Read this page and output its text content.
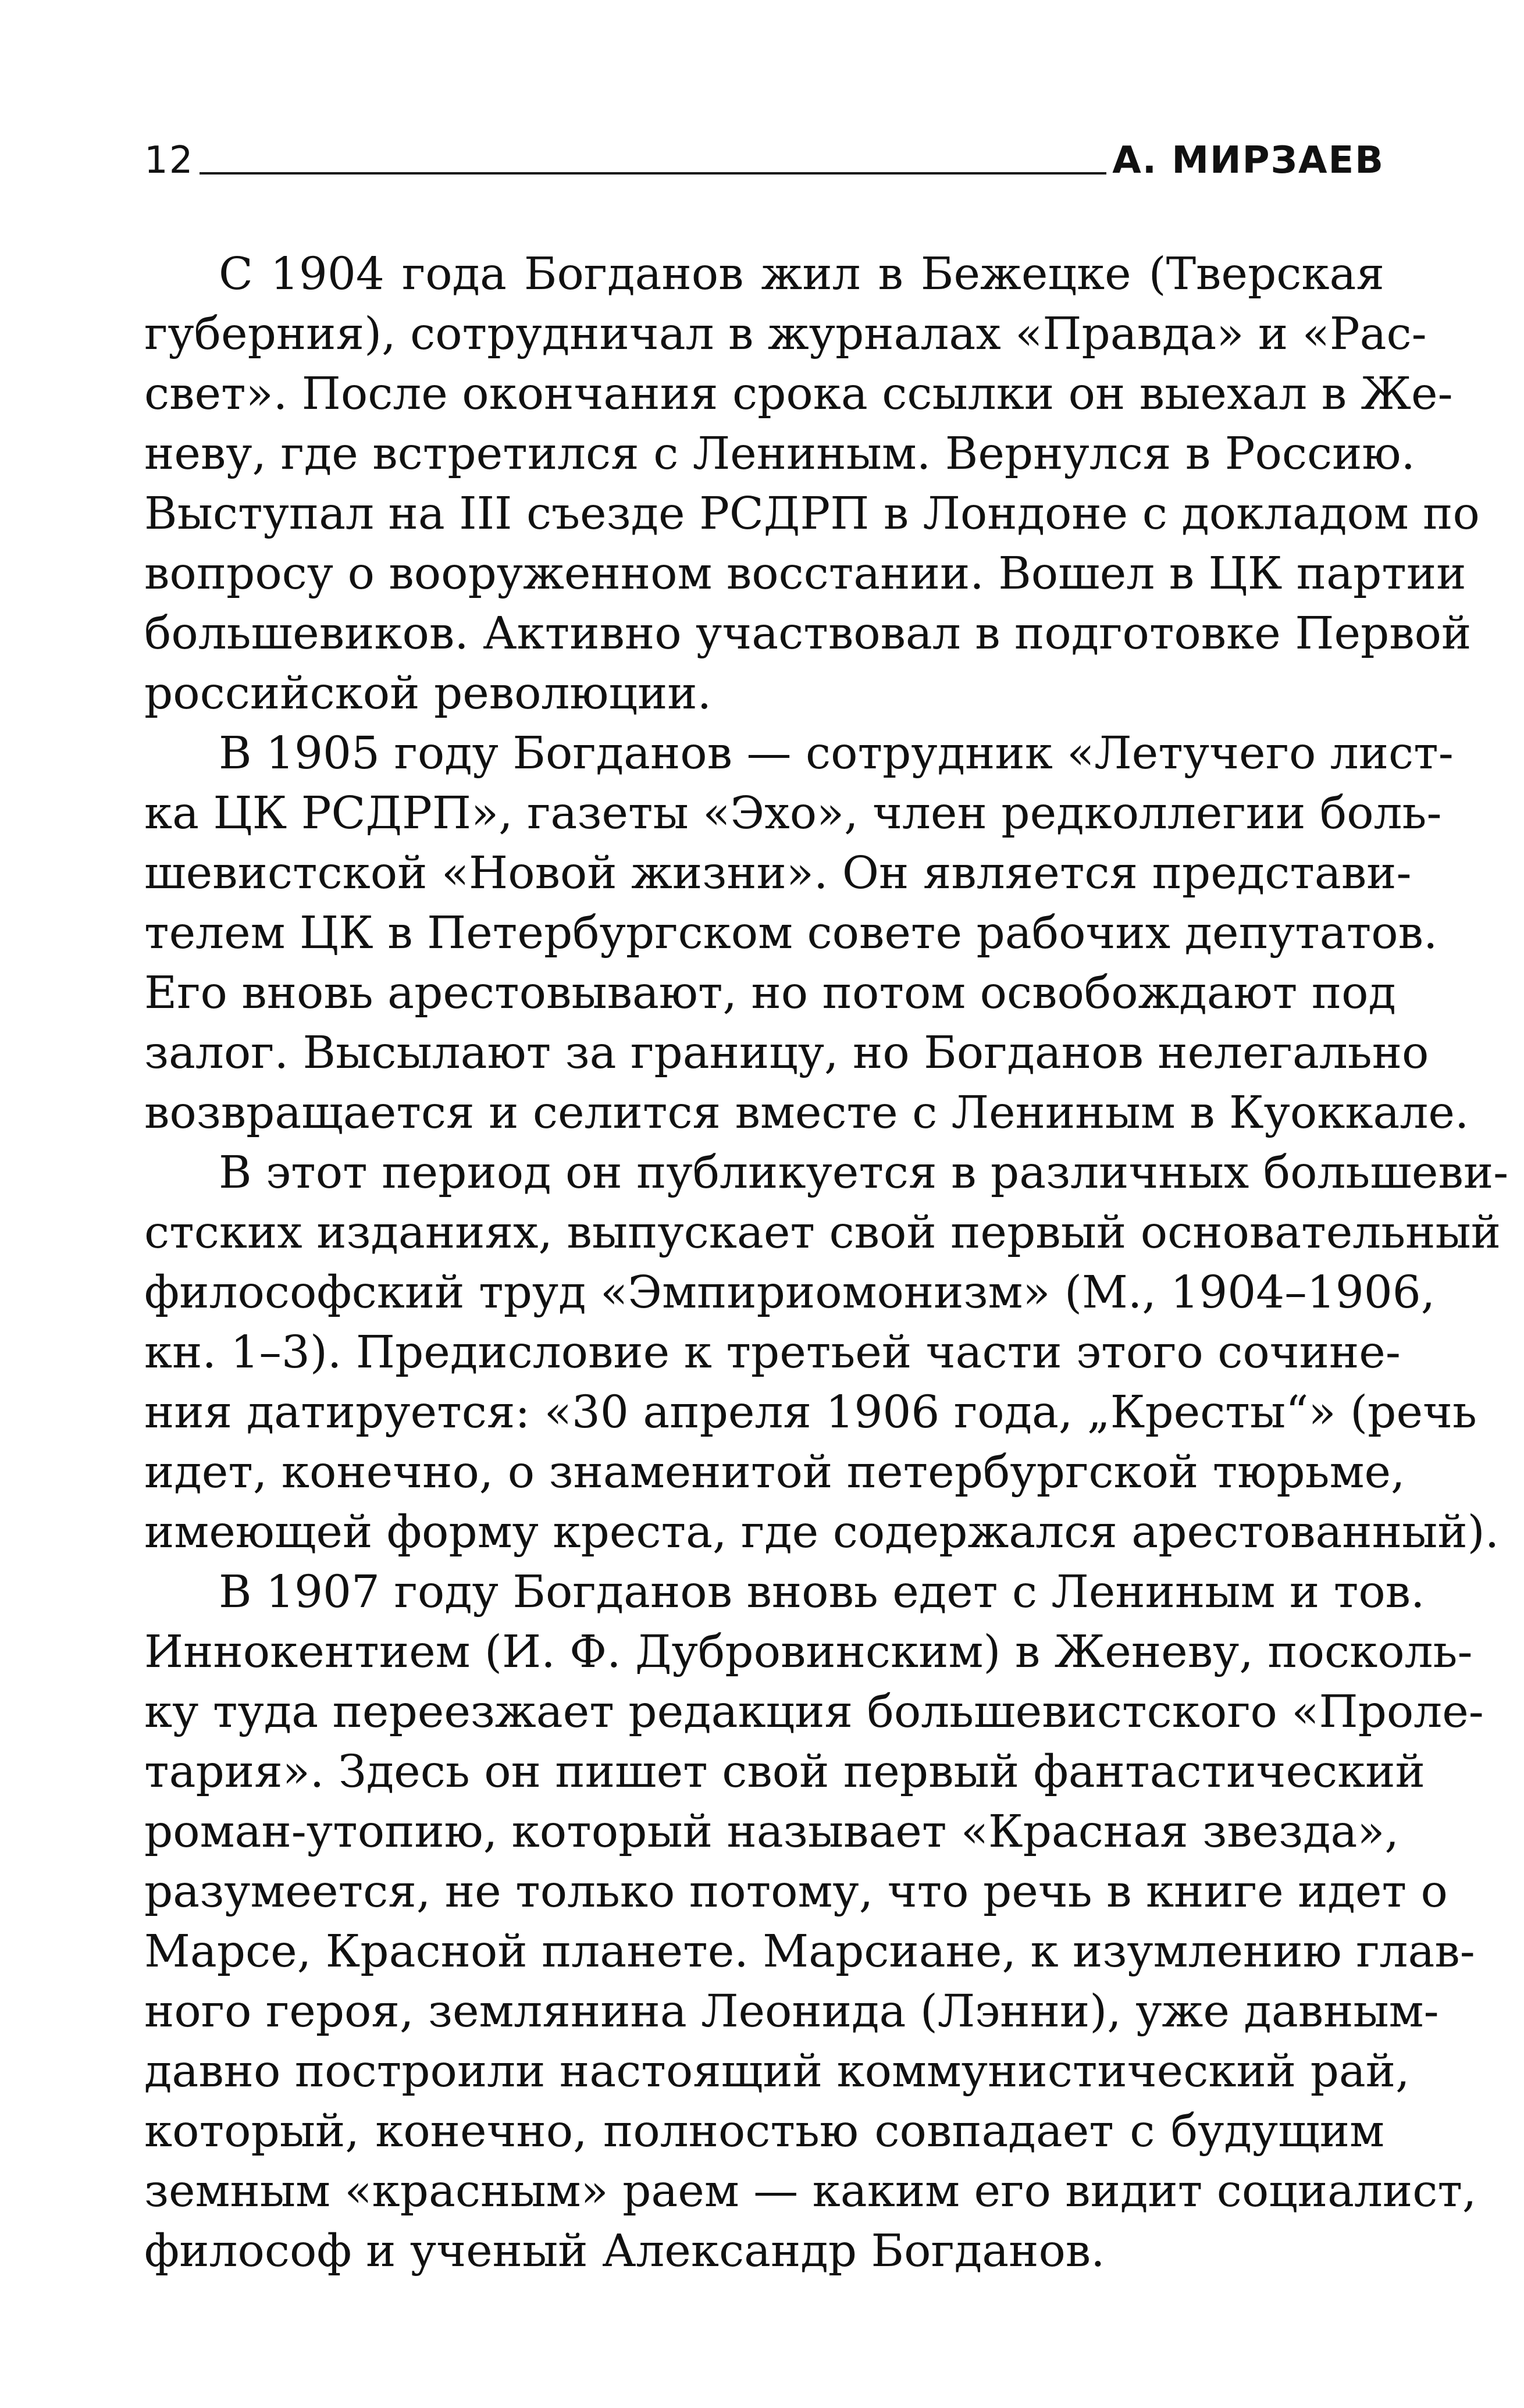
12	А. МИРЗАЕВ
С 1904 года Богданов жил в Бежецке (Тверская
губерния), сотрудничал в журналах «Правда» и «Рас-
свет». После окончания срока ссылки он выехал в Же-
неву, где встретился с Лениным. Вернулся в Россию.
Выступал на III съезде РСДРП в Лондоне с докладом по
вопросу о вооруженном восстании. Вошел в ЦК партии
большевиков. Активно участвовал в подготовке Первой
российской революции.
В 1905 году Богданов — сотрудник «Летучего лист-
ка ЦК РСДРП», газеты «Эхо», член редколлегии боль-
шевистской «Новой жизни». Он является представи-
телем ЦК в Петербургском совете рабочих депутатов.
Его вновь арестовывают, но потом освобождают под
залог. Высылают за границу, но Богданов нелегально
возвращается и селится вместе с Лениным в Куоккале.
В этот период он публикуется в различных большеви-
стских изданиях, выпускает свой первый основательный
философский труд «Эмпириомонизм» (М., 1904–1906,
кн. 1–3). Предисловие к третьей части этого сочине-
ния датируется: «30 апреля 1906 года, „Кресты“» (речь
идет, конечно, о знаменитой петербургской тюрьме,
имеющей форму креста, где содержался арестованный).
В 1907 году Богданов вновь едет с Лениным и тов.
Иннокентием (И. Ф. Дубровинским) в Женеву, посколь-
ку туда переезжает редакция большевистского «Проле-
тария». Здесь он пишет свой первый фантастический
роман-утопию, который называет «Красная звезда»,
разумеется, не только потому, что речь в книге идет о
Марсе, Красной планете. Марсиане, к изумлению глав-
ного героя, землянина Леонида (Лэнни), уже давным-
давно построили настоящий коммунистический рай,
который, конечно, полностью совпадает с будущим
земным «красным» раем — каким его видит социалист,
философ и ученый Александр Богданов.
